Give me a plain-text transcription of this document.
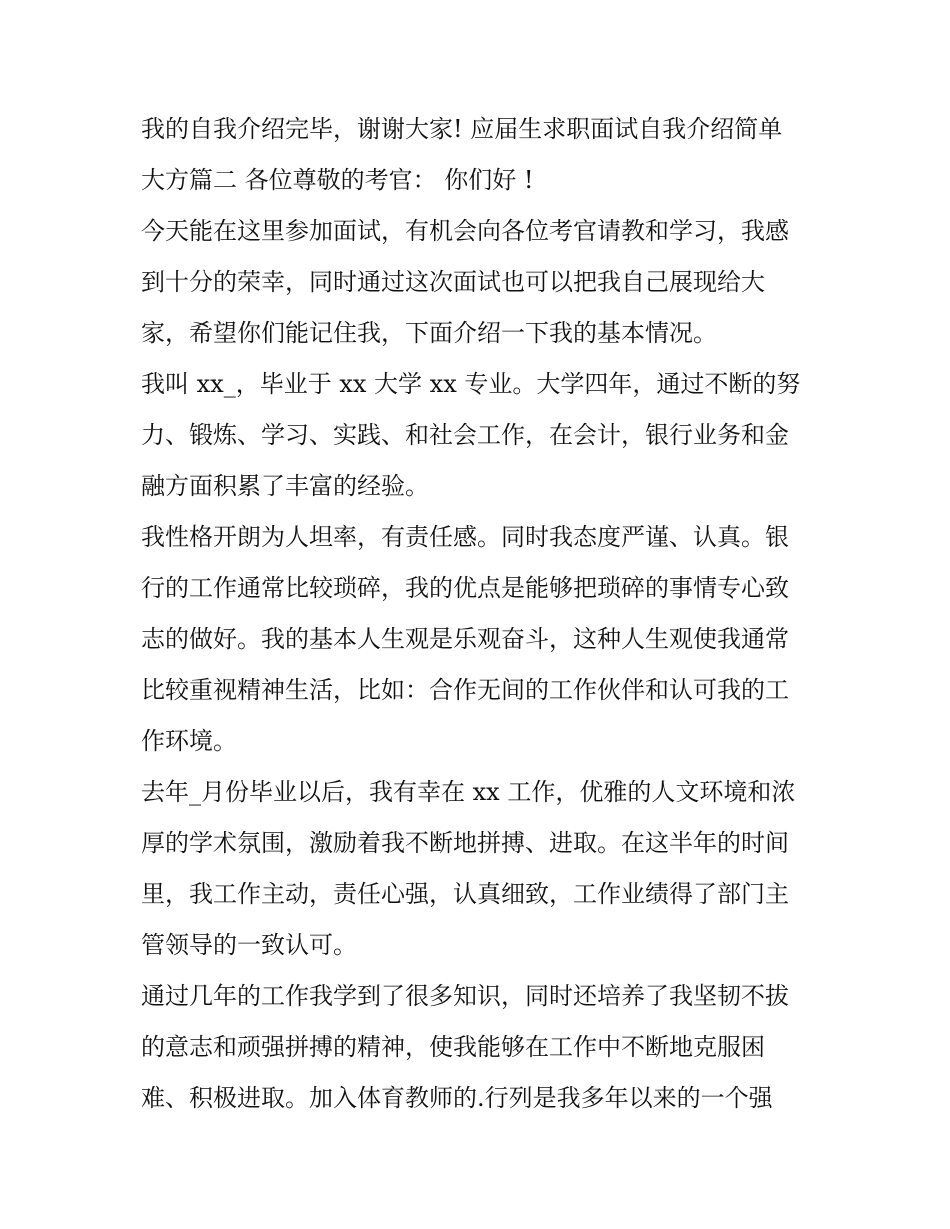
我的自我介绍完毕，谢谢大家! 应届生求职面试自我介绍简单
大方篇二 各位尊敬的考官： 你们好 !

今天能在这里参加面试，有机会向各位考官请教和学习，我感
到十分的荣幸，同时通过这次面试也可以把我自己展现给大
家，希望你们能记住我，下面介绍一下我的基本情况。

我叫 xx_，毕业于 xx 大学 xx 专业。大学四年，通过不断的努
力、锻炼、学习、实践、和社会工作，在会计，银行业务和金
融方面积累了丰富的经验。

我性格开朗为人坦率，有责任感。同时我态度严谨、认真。银
行的工作通常比较琐碎，我的优点是能够把琐碎的事情专心致
志的做好。我的基本人生观是乐观奋斗，这种人生观使我通常
比较重视精神生活，比如：合作无间的工作伙伴和认可我的工
作环境。

去年_月份毕业以后，我有幸在 xx 工作，优雅的人文环境和浓
厚的学术氛围，激励着我不断地拼搏、进取。在这半年的时间
里，我工作主动，责任心强，认真细致，工作业绩得了部门主
管领导的一致认可。

通过几年的工作我学到了很多知识，同时还培养了我坚韧不拔
的意志和顽强拼搏的精神，使我能够在工作中不断地克服困
难、积极进取。加入体育教师的.行列是我多年以来的一个强
